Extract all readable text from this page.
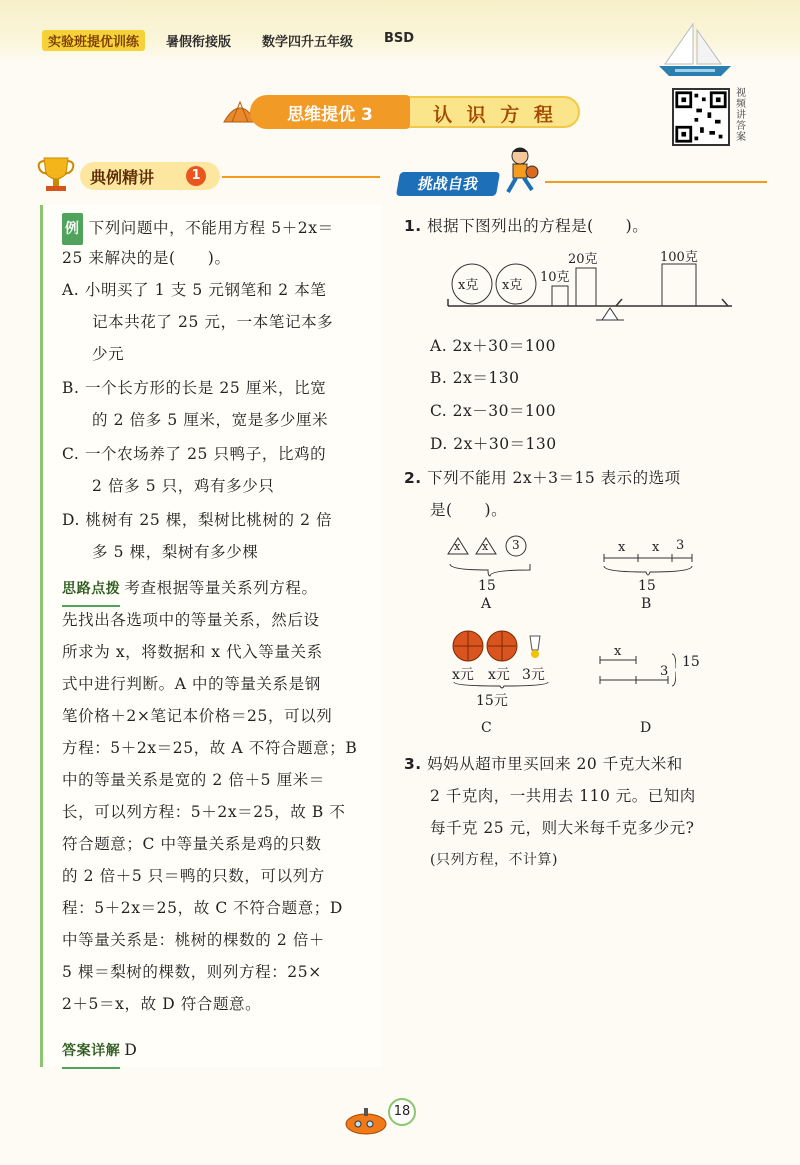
实验班提优训练	暑假衔接版 数学四升五年级 BSD
思维提优 3	认 识 方 程
视频讲答案
典例精讲	1	挑战自我
例 下列问题中，不能用方程 5＋2x＝
25 来解决的是(　　)。
A. 小明买了 1 支 5 元钢笔和 2 本笔
记本共花了 25 元，一本笔记本多
少元
B. 一个长方形的长是 25 厘米，比宽
的 2 倍多 5 厘米，宽是多少厘米
C. 一个农场养了 25 只鸭子，比鸡的
2 倍多 5 只，鸡有多少只
D. 桃树有 25 棵，梨树比桃树的 2 倍
多 5 棵，梨树有多少棵
思路点拨 考查根据等量关系列方程。
先找出各选项中的等量关系，然后设
所求为 x，将数据和 x 代入等量关系
式中进行判断。A 中的等量关系是钢
笔价格＋2×笔记本价格＝25，可以列
方程：5＋2x＝25，故 A 不符合题意；B
中的等量关系是宽的 2 倍＋5 厘米＝
长，可以列方程：5＋2x＝25，故 B 不
符合题意；C 中等量关系是鸡的只数
的 2 倍＋5 只＝鸭的只数，可以列方
程：5＋2x＝25，故 C 不符合题意；D
中等量关系是：桃树的棵数的 2 倍＋
5 棵＝梨树的棵数，则列方程：25×
2＋5＝x，故 D 符合题意。
答案详解 D
1. 根据下图列出的方程是(　　)。
x克 x克
10克
20克	100克
A. 2x＋30＝100
B. 2x＝130
C. 2x－30＝100
D. 2x＋30＝130
2. 下列不能用 2x＋3＝15 表示的选项
是(　　)。
x x 3
15
A
x x 3
15
B
x元 x元 3元
15元
C
x
3
15
D
3. 妈妈从超市里买回来 20 千克大米和
2 千克肉，一共用去 110 元。已知肉
每千克 25 元，则大米每千克多少元?
(只列方程，不计算)
18
